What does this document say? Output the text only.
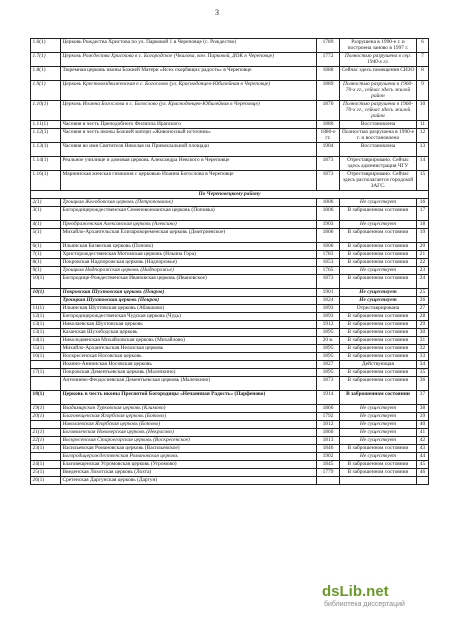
3
1.6(1)	Церковь Рождества Христова по ул. Парковой 1 в Череповце (с. Рождество)	1789	Разрушена в 1990-е г. и построена заново в 1997 г.	6
1.7(1)	Церковь Рождества Христова в с. Богородское (Чкалова, кон. Парковой, ДОК в Череповце)	1772	Полностью разрушена в сер. 1940-х гг.	7
1.8(1)	Тюремная церковь иконы Божией Матери «Всех скорбящих радость» в Череповце	1888	Сейчас здесь помещения СИЗО	8
1.9(1)	Церковь Крестовоздвиженская в с. Богослово (ул. Краснодонцев-Юбилейная в Череповце)	1889	Полностью разрушена в 1960-70-х гг., сейчас здесь жилой район	9
1.10(1)	Церковь Иоанна Богослова в с. Богослово (ул. Краснодонцев-Юбилейная в Череповце)	1870	Полностью разрушена в 1960-70-х гг., сейчас здесь жилой район	10
1.11(1)	Часовня в честь Преподобного Филиппа Ирапского	1880	Восстановлена	11
1.12(1)	Часовня в честь иконы Божией матери «Живоносный источник»	1880-е гг.	Полностью разрушена в 1990-е г. и восстановлена	12
1.13(1)	Часовня во имя Святителя Николая на Привокзальной площади	1904	Восстановлена	13
1.14(1)	Реальное училище и домовая церковь Александра Невского в Череповце	1873	Отреставрировано. Сейчас здесь администрация ЧГУ	14
1.16(1)	Мариинская женская гимназия с церковью Иоанна Богослова в Череповце	1873	Отреставрировано. Сейчас здесь располагается городской ЗАГС.	15
По Череповецкому району				
2(1)	Троицкая Желобовская церковь (Петропочинок)	1806	Не существует	16
3(1)	Богородицерождественская Семеновоеманская церковь (Поповка)	1806	В заброшенном состоянии	17
4(1)	Преображенская Алексинская церковь (Алексино)	1903	Не существует	18
5(1)	Михайло-Архангельская Елизаровоременская церковь (Дмитриевское)	1806	В заброшенном состоянии	19
6(1)	Ильинская Бизвеская церковь (Попово)	1806	В заброшенном состоянии	20
7(1)	Христорождественская Мотомская церковь (Ильина Гора)	1783	В заброшенном состоянии	21
8(1)	Покровская Надпорожская церковь (Надпорожье)	1853	В заброшенном состоянии	22
9(1)	Троицкая Надпорожская церковь (Надпорожье)	1765	Не существует	23
10(1)	Богородице-Рождественская Ивановская церковь (Ивановское)	1873	В заброшенном состоянии	24
10(1)	Покровская Шухтовская церковь (Покров)	1901	Не существует	25
	Троицкая Шухтовская церковь (Покров)	1824	Не существует	26
11(1)	Ильинская Шухтовская церковь (Абакшово)	1893	Отреставрирована	27
12(1)	Богородицерождественская Чудская церковь (Чудь)	1893	В заброшенном состоянии	28
13(1)	Николаевская Шухтовская церковь	1912	В заброшенном состоянии	29
13(1)	Казанская Шухободская церковь	1895	В заброшенном состоянии	30
14(1)	Николодвенская Михайловская церковь (Михайлово)	20 в.	В заброшенном состоянии	31
15(1)	Михайло-Архангельская Нелазская церковь	1895	В заброшенном состоянии	32
16(1)	Воскресенская Носовская церковь	1895	В заброшенном состоянии	33
	Иоанно-Аннинская Носовская церковь	1827	Действующая	34
17(1)	Покровская Дементьевская церковь (Малечкино)	1895	В заброшенном состоянии	35
	Антониево-Феодосиевская Дементьевская церковь (Малечкино)	1873	В заброшенном состоянии	36
18(1)	Церковь в честь иконы Пресвятой Богородицы «Нечаянная Радость» (Парфеново)	1914	В заброшенном состоянии	37
19(1)	Владимирская Турковская церковь (Климово)	1866	Не существует	38
20(1)	Благовещенская Ягорбская церковь (Ботово)	1792	Не существует	39
	Николаевская Ягорбская церковь (Ботово)	1812	Не существует	40
21(1)	Богоявленская Нововерская церковь (Некрасово)	1860	Не существует	41
22(1)	Воскресенская Староегорская церковь (Воскресенское)	1813	Не существует	42
23(1)	Васильевская Романовская церковь (Васильевское)	1846	В заброшенном состоянии	43
	Богородицерождественская Романовская церковь	1902	Не существует	44
24(1)	Благовещенская Угромовская церковь (Угромово)	1845	В заброшенном состоянии	45
25(1)	Введенская Лохотская церковь (Лохта)	1779	В заброшенном состоянии	46
26(1)	Сретенская Даргунская церковь (Даргун)			
dsLib.net
библиотека диссертаций
